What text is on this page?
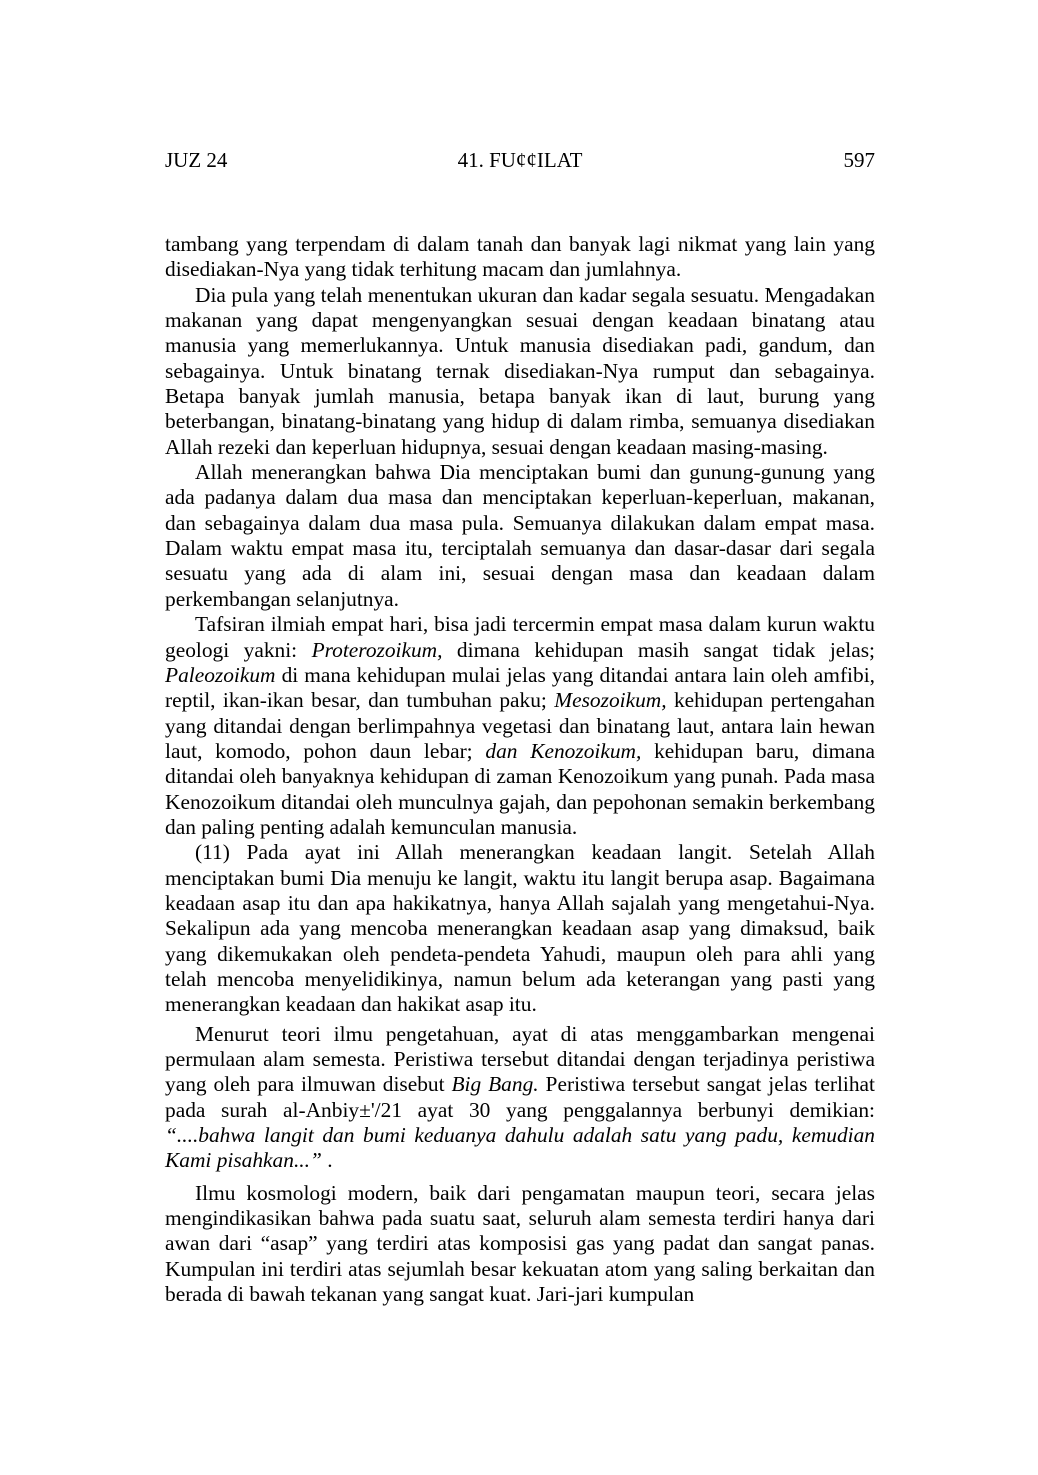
JUZ 24	41. FU¢¢ILAT	597

tambang yang terpendam di dalam tanah dan banyak lagi nikmat yang lain yang disediakan-Nya yang tidak terhitung macam dan jumlahnya.

Dia pula yang telah menentukan ukuran dan kadar segala sesuatu. Mengadakan makanan yang dapat mengenyangkan sesuai dengan keadaan binatang atau manusia yang memerlukannya. Untuk manusia disediakan padi, gandum, dan sebagainya. Untuk binatang ternak disediakan-Nya rumput dan sebagainya. Betapa banyak jumlah manusia, betapa banyak ikan di laut, burung yang beterbangan, binatang-binatang yang hidup di dalam rimba, semuanya disediakan Allah rezeki dan keperluan hidupnya, sesuai dengan keadaan masing-masing.

Allah menerangkan bahwa Dia menciptakan bumi dan gunung-gunung yang ada padanya dalam dua masa dan menciptakan keperluan-keperluan, makanan, dan sebagainya dalam dua masa pula. Semuanya dilakukan dalam empat masa. Dalam waktu empat masa itu, terciptalah semuanya dan dasar-dasar dari segala sesuatu yang ada di alam ini, sesuai dengan masa dan keadaan dalam perkembangan selanjutnya.

Tafsiran ilmiah empat hari, bisa jadi tercermin empat masa dalam kurun waktu geologi yakni: Proterozoikum, dimana kehidupan masih sangat tidak jelas; Paleozoikum di mana kehidupan mulai jelas yang ditandai antara lain oleh amfibi, reptil, ikan-ikan besar, dan tumbuhan paku; Mesozoikum, kehidupan pertengahan yang ditandai dengan berlimpahnya vegetasi dan binatang laut, antara lain hewan laut, komodo, pohon daun lebar; dan Kenozoikum, kehidupan baru, dimana ditandai oleh banyaknya kehidupan di zaman Kenozoikum yang punah. Pada masa Kenozoikum ditandai oleh munculnya gajah, dan pepohonan semakin berkembang dan paling penting adalah kemunculan manusia.

(11) Pada ayat ini Allah menerangkan keadaan langit. Setelah Allah menciptakan bumi Dia menuju ke langit, waktu itu langit berupa asap. Bagaimana keadaan asap itu dan apa hakikatnya, hanya Allah sajalah yang mengetahui-Nya. Sekalipun ada yang mencoba menerangkan keadaan asap yang dimaksud, baik yang dikemukakan oleh pendeta-pendeta Yahudi, maupun oleh para ahli yang telah mencoba menyelidikinya, namun belum ada keterangan yang pasti yang menerangkan keadaan dan hakikat asap itu.

Menurut teori ilmu pengetahuan, ayat di atas menggambarkan mengenai permulaan alam semesta. Peristiwa tersebut ditandai dengan terjadinya peristiwa yang oleh para ilmuwan disebut Big Bang. Peristiwa tersebut sangat jelas terlihat pada surah al-Anbiy±'/21 ayat 30 yang penggalannya berbunyi demikian: “....bahwa langit dan bumi keduanya dahulu adalah satu yang padu, kemudian Kami pisahkan...” .

Ilmu kosmologi modern, baik dari pengamatan maupun teori, secara jelas mengindikasikan bahwa pada suatu saat, seluruh alam semesta terdiri hanya dari awan dari “asap” yang terdiri atas komposisi gas yang padat dan sangat panas. Kumpulan ini terdiri atas sejumlah besar kekuatan atom yang saling berkaitan dan berada di bawah tekanan yang sangat kuat. Jari-jari kumpulan
